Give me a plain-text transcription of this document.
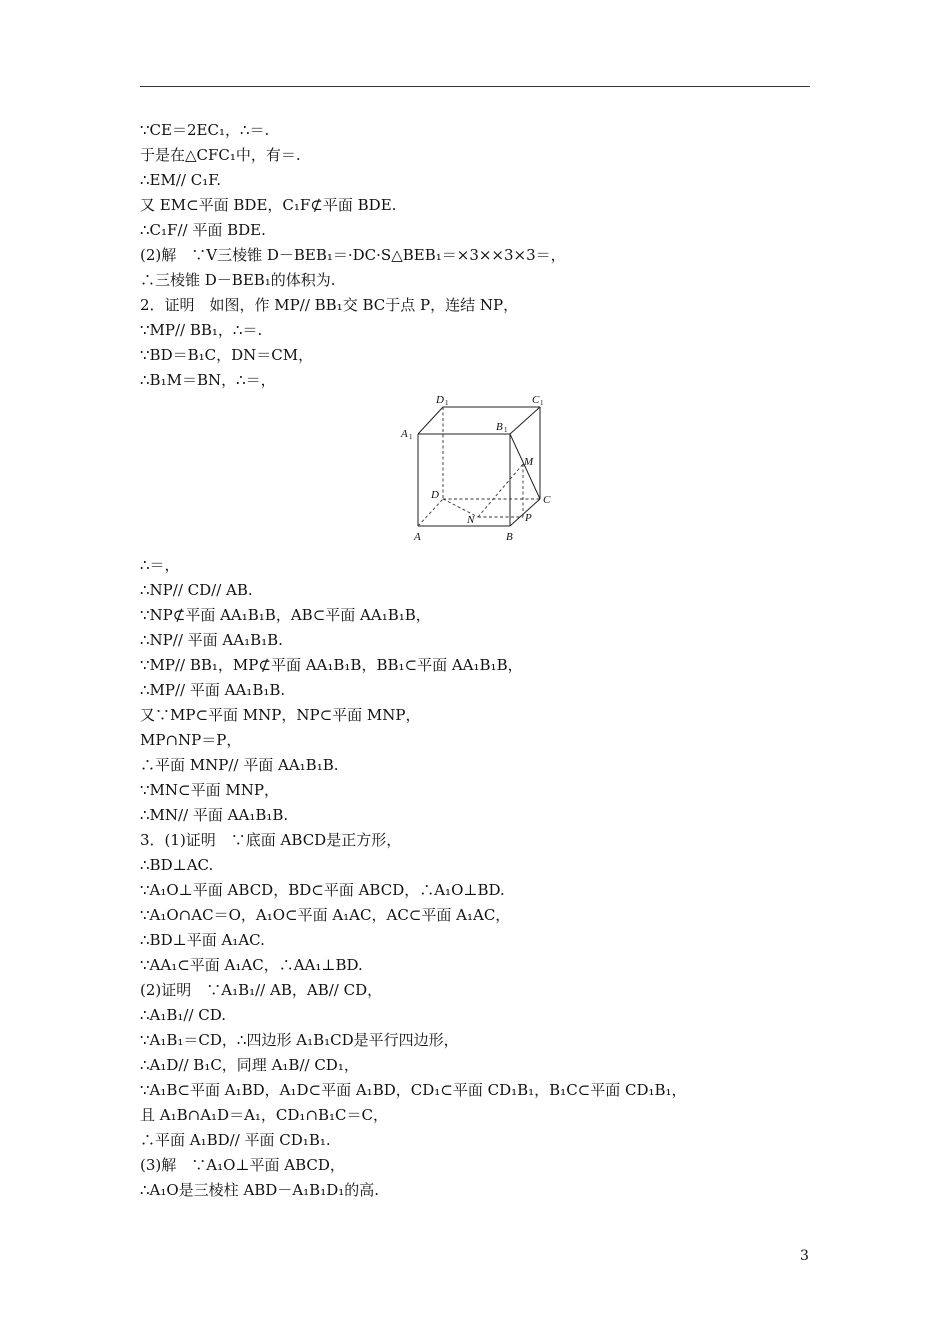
∵CE＝2EC₁，∴＝.
于是在△CFC₁中，有＝.
∴EM// C₁F.
又 EM⊂平面 BDE，C₁F⊄平面 BDE.
∴C₁F// 平面 BDE.
(2)解　∵V三棱锥 D－BEB₁＝·DC·S△BEB₁＝×3××3×3＝，
∴三棱锥 D－BEB₁的体积为.
2．证明　如图，作 MP// BB₁交 BC于点 P，连结 NP，
∵MP// BB₁，∴＝.
∵BD＝B₁C，DN＝CM，
∴B₁M＝BN，∴＝，
D 1	C 1
A 1
B 1
M
D	C
N	P
A	B
∴＝，
∴NP// CD// AB.
∵NP⊄平面 AA₁B₁B，AB⊂平面 AA₁B₁B，
∴NP// 平面 AA₁B₁B.
∵MP// BB₁，MP⊄平面 AA₁B₁B，BB₁⊂平面 AA₁B₁B，
∴MP// 平面 AA₁B₁B.
又∵MP⊂平面 MNP，NP⊂平面 MNP，
MP∩NP＝P，
∴平面 MNP// 平面 AA₁B₁B.
∵MN⊂平面 MNP，
∴MN// 平面 AA₁B₁B.
3．(1)证明　∵底面 ABCD是正方形，
∴BD⊥AC.
∵A₁O⊥平面 ABCD，BD⊂平面 ABCD，∴A₁O⊥BD.
∵A₁O∩AC＝O，A₁O⊂平面 A₁AC，AC⊂平面 A₁AC，
∴BD⊥平面 A₁AC.
∵AA₁⊂平面 A₁AC，∴AA₁⊥BD.
(2)证明　∵A₁B₁// AB，AB// CD，
∴A₁B₁// CD.
∵A₁B₁＝CD，∴四边形 A₁B₁CD是平行四边形，
∴A₁D// B₁C，同理 A₁B// CD₁，
∵A₁B⊂平面 A₁BD，A₁D⊂平面 A₁BD，CD₁⊂平面 CD₁B₁，B₁C⊂平面 CD₁B₁，
且 A₁B∩A₁D＝A₁，CD₁∩B₁C＝C，
∴平面 A₁BD// 平面 CD₁B₁.
(3)解　∵A₁O⊥平面 ABCD，
∴A₁O是三棱柱 ABD－A₁B₁D₁的高.
3
